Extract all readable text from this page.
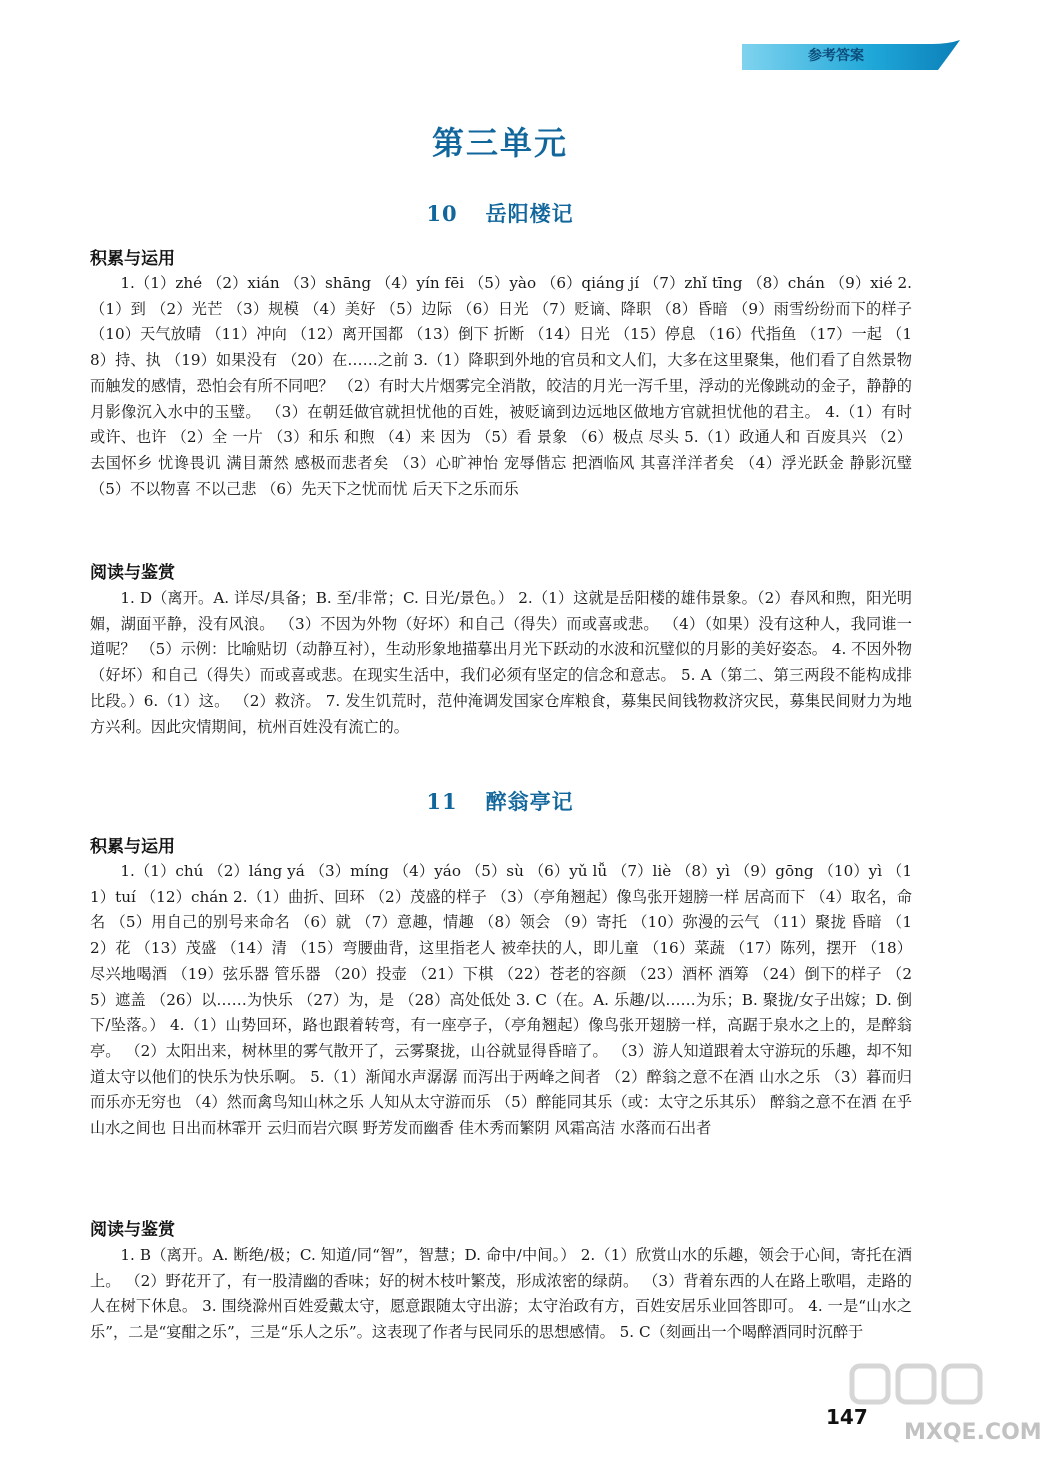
参考答案
第三单元
10 岳阳楼记
积累与运用
1.（1）zhé （2）xián （3）shāng （4）yín fēi （5）yào （6）qiáng jí （7）zhǐ tīng （8）chán （9）xié 2.（1）到 （2）光芒 （3）规模 （4）美好 （5）边际 （6）日光 （7）贬谪、降职 （8）昏暗 （9）雨雪纷纷而下的样子 （10）天气放晴 （11）冲向 （12）离开国都 （13）倒下 折断 （14）日光 （15）停息 （16）代指鱼 （17）一起 （18）持、执 （19）如果没有 （20）在……之前 3.（1）降职到外地的官员和文人们，大多在这里聚集，他们看了自然景物而触发的感情，恐怕会有所不同吧？ （2）有时大片烟雾完全消散，皎洁的月光一泻千里，浮动的光像跳动的金子，静静的月影像沉入水中的玉璧。 （3）在朝廷做官就担忧他的百姓，被贬谪到边远地区做地方官就担忧他的君主。 4.（1）有时 或许、也许 （2）全 一片 （3）和乐 和煦 （4）来 因为 （5）看 景象 （6）极点 尽头 5.（1）政通人和 百废具兴 （2）去国怀乡 忧谗畏讥 满目萧然 感极而悲者矣 （3）心旷神怡 宠辱偕忘 把酒临风 其喜洋洋者矣 （4）浮光跃金 静影沉璧 （5）不以物喜 不以己悲 （6）先天下之忧而忧 后天下之乐而乐
阅读与鉴赏
1. D（离开。A. 详尽/具备；B. 至/非常；C. 日光/景色。） 2.（1）这就是岳阳楼的雄伟景象。（2）春风和煦，阳光明媚，湖面平静，没有风浪。 （3）不因为外物（好坏）和自己（得失）而或喜或悲。 （4）（如果）没有这种人，我同谁一道呢？ （5）示例：比喻贴切（动静互衬），生动形象地描摹出月光下跃动的水波和沉璧似的月影的美好姿态。 4. 不因外物（好坏）和自己（得失）而或喜或悲。在现实生活中，我们必须有坚定的信念和意志。 5. A（第二、第三两段不能构成排比段。）6.（1）这。 （2）救济。 7. 发生饥荒时，范仲淹调发国家仓库粮食，募集民间钱物救济灾民，募集民间财力为地方兴利。因此灾情期间，杭州百姓没有流亡的。
11 醉翁亭记
积累与运用
1.（1）chú （2）láng yá （3）míng （4）yáo （5）sù （6）yǔ lǚ （7）liè （8）yì （9）gōng （10）yì （11）tuí （12）chán 2.（1）曲折、回环 （2）茂盛的样子 （3）（亭角翘起）像鸟张开翅膀一样 居高而下 （4）取名，命名 （5）用自己的别号来命名 （6）就 （7）意趣，情趣 （8）领会 （9）寄托 （10）弥漫的云气 （11）聚拢 昏暗 （12）花 （13）茂盛 （14）清 （15）弯腰曲背，这里指老人 被牵扶的人，即儿童 （16）菜蔬 （17）陈列，摆开 （18）尽兴地喝酒 （19）弦乐器 管乐器 （20）投壶 （21）下棋 （22）苍老的容颜 （23）酒杯 酒筹 （24）倒下的样子 （25）遮盖 （26）以……为快乐 （27）为，是 （28）高处低处 3. C（在。A. 乐趣/以……为乐；B. 聚拢/女子出嫁；D. 倒下/坠落。） 4.（1）山势回环，路也跟着转弯，有一座亭子，（亭角翘起）像鸟张开翅膀一样，高踞于泉水之上的，是醉翁亭。 （2）太阳出来，树林里的雾气散开了，云雾聚拢，山谷就显得昏暗了。 （3）游人知道跟着太守游玩的乐趣，却不知道太守以他们的快乐为快乐啊。 5.（1）渐闻水声潺潺 而泻出于两峰之间者 （2）醉翁之意不在酒 山水之乐 （3）暮而归 而乐亦无穷也 （4）然而禽鸟知山林之乐 人知从太守游而乐 （5）醉能同其乐（或：太守之乐其乐） 醉翁之意不在酒 在乎山水之间也 日出而林霏开 云归而岩穴暝 野芳发而幽香 佳木秀而繁阴 风霜高洁 水落而石出者
阅读与鉴赏
1. B（离开。A. 断绝/极；C. 知道/同“智”，智慧；D. 命中/中间。） 2.（1）欣赏山水的乐趣，领会于心间，寄托在酒上。 （2）野花开了，有一股清幽的香味；好的树木枝叶繁茂，形成浓密的绿荫。 （3）背着东西的人在路上歌唱，走路的人在树下休息。 3. 围绕滁州百姓爱戴太守，愿意跟随太守出游；太守治政有方，百姓安居乐业回答即可。 4. 一是“山水之乐”，二是“宴酣之乐”，三是“乐人之乐”。这表现了作者与民同乐的思想感情。 5. C（刻画出一个喝醉酒同时沉醉于
MXQE.COM
147
